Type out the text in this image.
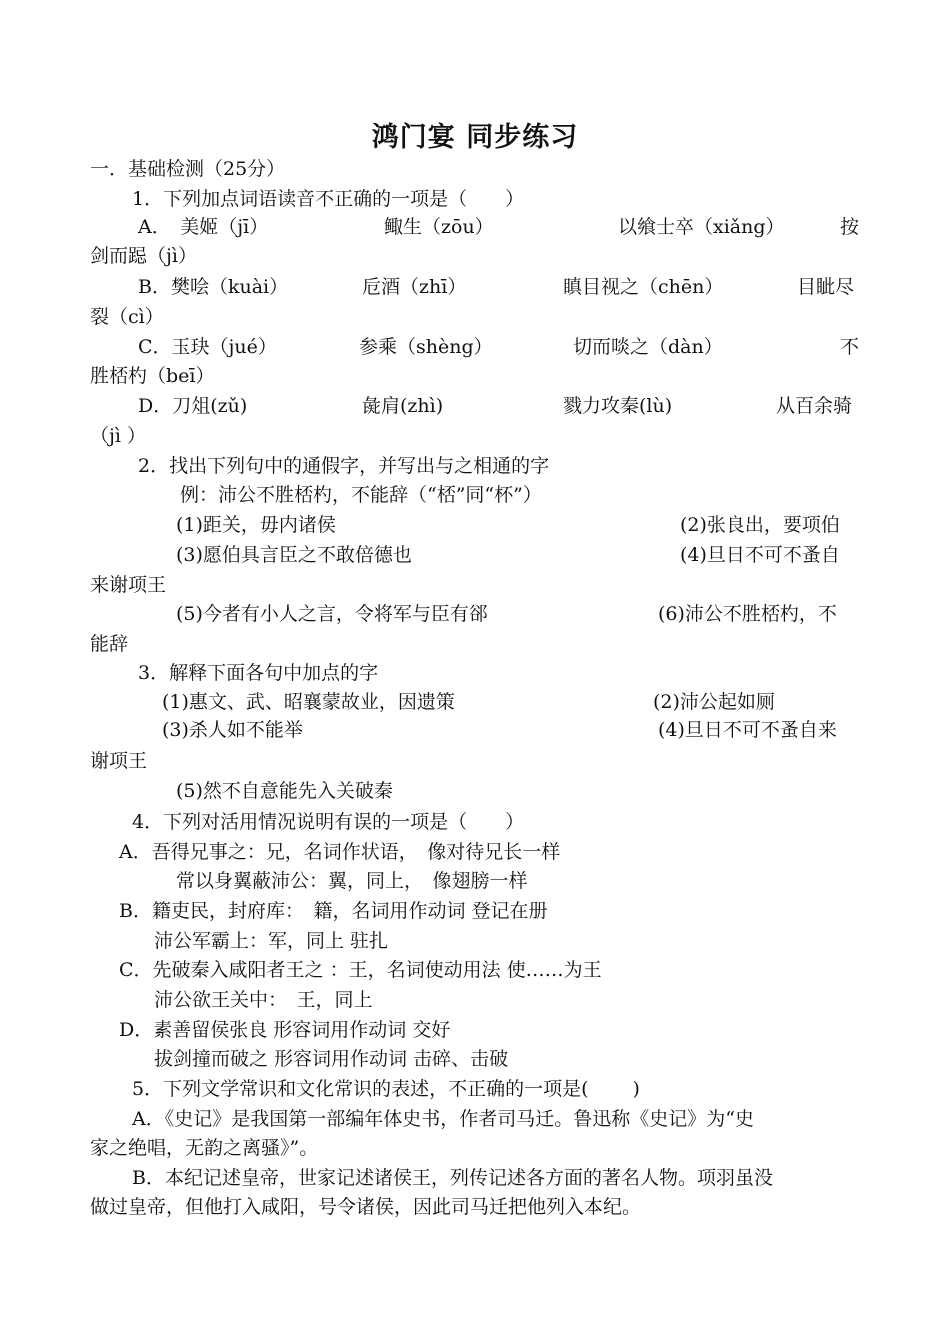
鸿门宴 同步练习
一．基础检测（25分）
1．下列加点词语读音不正确的一项是（　　）
A．　美姬（jī）	鲰生（zōu）	以飨士卒（xiǎng）	按
剑而跽（jì）
B．樊哙（kuài）	卮酒（zhī）	瞋目视之（chēn）	目眦尽
裂（cì）
C．玉玦（jué）	参乘（shèng）	切而啖之（dàn）	不
胜桮杓（beī）
D．刀俎(zǔ)	彘肩(zhì)	戮力攻秦(lù)	从百余骑
（jì ）
2．找出下列句中的通假字，并写出与之相通的字
例：沛公不胜桮杓，不能辞（“桮”同“杯”）
(1)距关，毋内诸侯	(2)张良出，要项伯
(3)愿伯具言臣之不敢倍德也	(4)旦日不可不蚤自
来谢项王
(5)今者有小人之言，令将军与臣有郤	(6)沛公不胜桮杓，不
能辞
3．解释下面各句中加点的字
(1)惠文、武、昭襄蒙故业，因遗策	(2)沛公起如厕
(3)杀人如不能举	(4)旦日不可不蚤自来
谢项王
(5)然不自意能先入关破秦
4．下列对活用情况说明有误的一项是（　　）
A．吾得兄事之：兄，名词作状语，　像对待兄长一样
常以身翼蔽沛公：翼，同上，　像翅膀一样
B．籍吏民，封府库：　籍，名词用作动词 登记在册
沛公军霸上：军，同上 驻扎
C．先破秦入咸阳者王之 ：王，名词使动用法 使……为王
沛公欲王关中：　王，同上
D．素善留侯张良 形容词用作动词 交好
拔剑撞而破之 形容词用作动词 击碎、击破
5．下列文学常识和文化常识的表述，不正确的一项是(　　 )
A．《史记》是我国第一部编年体史书，作者司马迁。鲁迅称《史记》为“史
家之绝唱，无韵之离骚》”。
B．本纪记述皇帝，世家记述诸侯王，列传记述各方面的著名人物。项羽虽没
做过皇帝，但他打入咸阳，号令诸侯，因此司马迁把他列入本纪。
